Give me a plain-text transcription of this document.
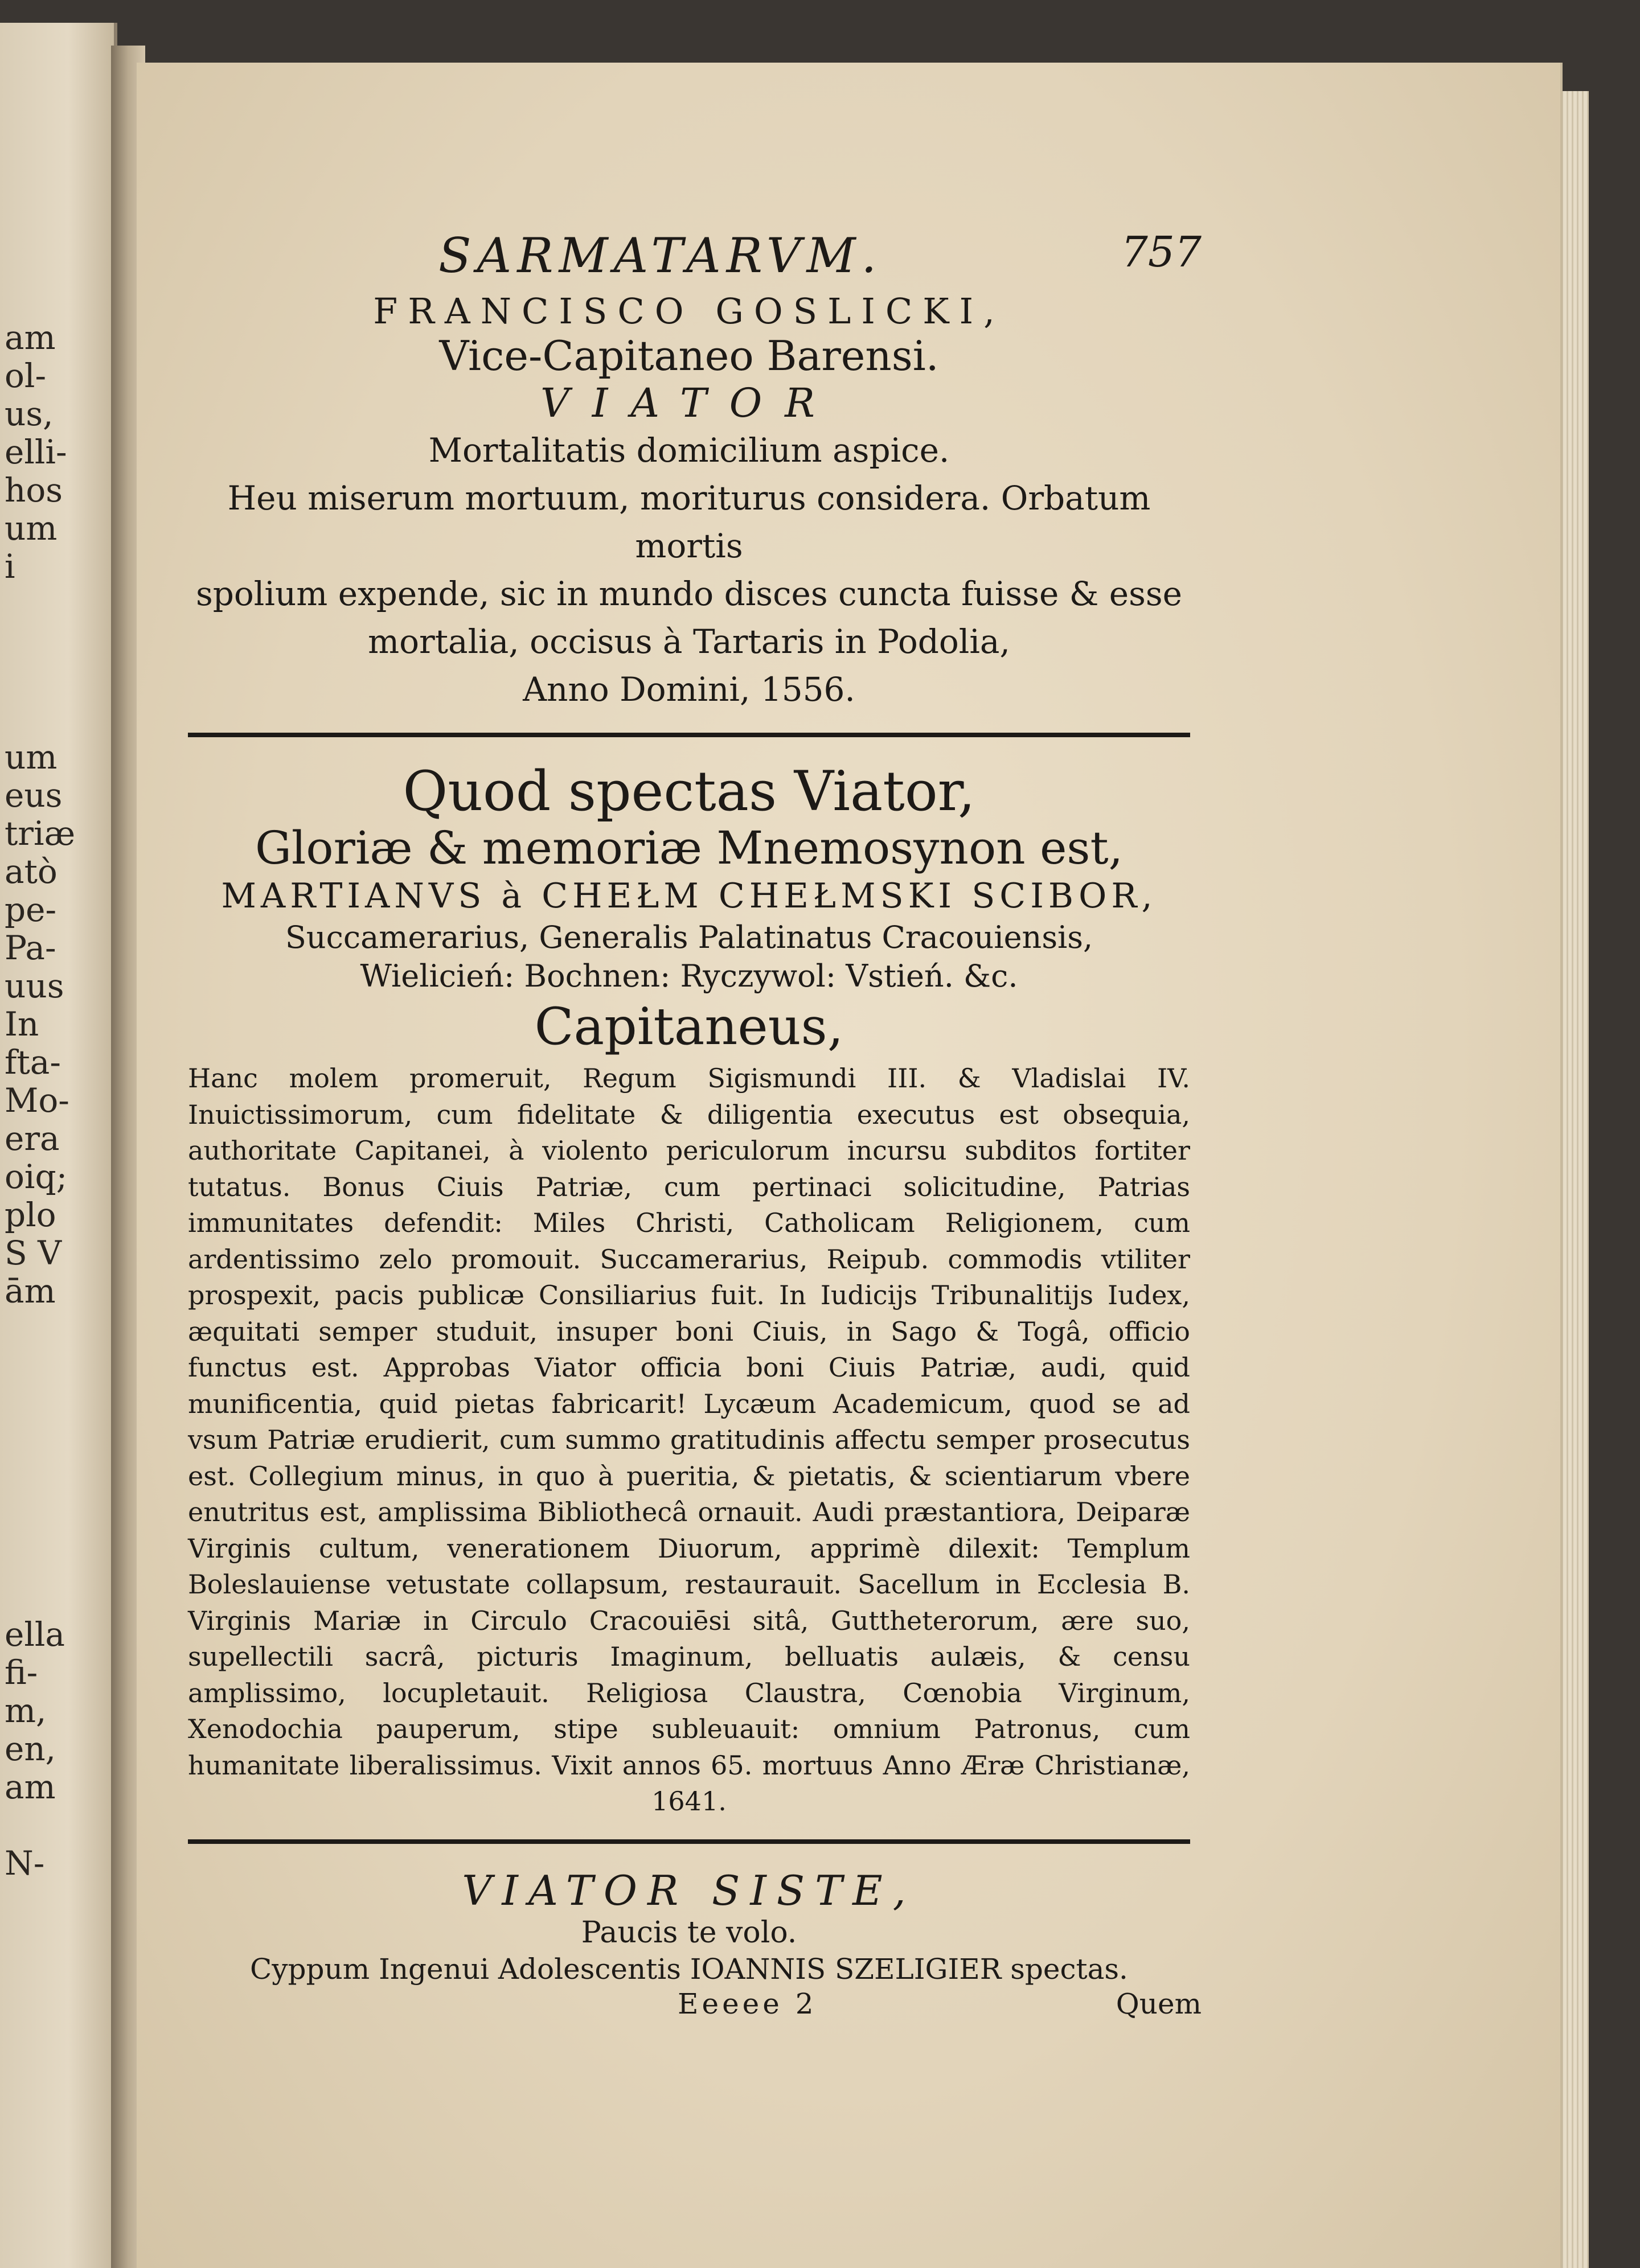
am
ol-
us,
elli-
hos
um
i

um
eus
triæ
atò
pe-
Pa-
uus
In
fta-
Mo-
era
oiq;
plo
S V
ām

ella
fi-
m,
en,
am

N-
SARMATARVM.	757
FRANCISCO GOSLICKI,
Vice-Capitaneo Barensi.
VIATOR
Mortalitatis domicilium aspice.
Heu miserum mortuum, moriturus considera. Orbatum mortis
spolium expende, sic in mundo disces cuncta fuisse & esse
mortalia, occisus à Tartaris in Podolia,
Anno Domini, 1556.
Quod spectas Viator,
Gloriæ & memoriæ Mnemosynon est,
MARTIANVS à CHEŁM CHEŁMSKI SCIBOR,
Succamerarius, Generalis Palatinatus Cracouiensis,
Wielicień: Bochnen: Ryczywol: Vstień. &c.
Capitaneus,
Hanc molem promeruit, Regum Sigismundi III. & Vladislai IV. Inuictissimorum, cum fidelitate & diligentia executus est obsequia, authoritate Capitanei, à violento periculorum incursu subditos fortiter tutatus. Bonus Ciuis Patriæ, cum pertinaci solicitudine, Patrias immunitates defendit: Miles Christi, Catholicam Religionem, cum ardentissimo zelo promouit. Succamerarius, Reipub. commodis vtiliter prospexit, pacis publicæ Consiliarius fuit. In Iudicijs Tribunalitijs Iudex, æquitati semper studuit, insuper boni Ciuis, in Sago & Togâ, officio functus est. Approbas Viator officia boni Ciuis Patriæ, audi, quid munificentia, quid pietas fabricarit! Lycæum Academicum, quod se ad vsum Patriæ erudierit, cum summo gratitudinis affectu semper prosecutus est. Collegium minus, in quo à pueritia, & pietatis, & scientiarum vbere enutritus est, amplissima Bibliothecâ ornauit. Audi præstantiora, Deiparæ Virginis cultum, venerationem Diuorum, apprimè dilexit: Templum Boleslauiense vetustate collapsum, restaurauit. Sacellum in Ecclesia B. Virginis Mariæ in Circulo Cracouiēsi sitâ, Guttheterorum, ære suo, supellectili sacrâ, picturis Imaginum, belluatis aulæis, & censu amplissimo, locupletauit. Religiosa Claustra, Cœnobia Virginum, Xenodochia pauperum, stipe subleuauit: omnium Patronus, cum humanitate liberalissimus. Vixit annos 65. mortuus Anno Æræ Christianæ, 1641.
VIATOR SISTE,
Paucis te volo.
Cyppum Ingenui Adolescentis IOANNIS SZELIGIER spectas.
Eeeee 2	Quem
